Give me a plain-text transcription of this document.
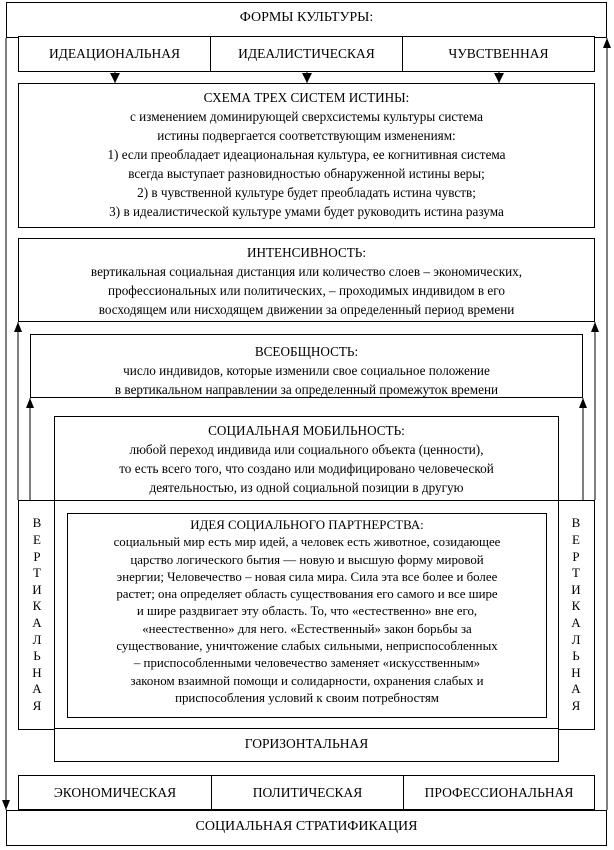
ФОРМЫ КУЛЬТУРЫ:
ИДЕАЦИОНАЛЬНАЯ	ИДЕАЛИСТИЧЕСКАЯ	ЧУВСТВЕННАЯ
СХЕМА ТРЕХ СИСТЕМ ИСТИНЫ:
с изменением доминирующей сверхсистемы культуры система
истины подвергается соответствующим изменениям:
1) если преобладает идеациональная культура, ее когнитивная система
всегда выступает разновидностью обнаруженной истины веры;
2) в чувственной культуре будет преобладать истина чувств;
3) в идеалистической культуре умами будет руководить истина разума
ИНТЕНСИВНОСТЬ:
вертикальная социальная дистанция или количество слоев – экономических,
профессиональных или политических, – проходимых индивидом в его
восходящем или нисходящем движении за определенный период времени
ВСЕОБЩНОСТЬ:
число индивидов, которые изменили свое социальное положение
в вертикальном направлении за определенный промежуток времени
СОЦИАЛЬНАЯ МОБИЛЬНОСТЬ:
любой переход индивида или социального объекта (ценности),
то есть всего того, что создано или модифицировано человеческой
деятельностью, из одной социальной позиции в другую
В
Е
Р
Т
И
К
А
Л
Ь
Н
А
Я
В
Е
Р
Т
И
К
А
Л
Ь
Н
А
Я
ИДЕЯ СОЦИАЛЬНОГО ПАРТНЕРСТВА:
социальный мир есть мир идей, а человек есть животное, созидающее
царство логического бытия — новую и высшую форму мировой
энергии; Человечество – новая сила мира. Сила эта все более и более
растет; она определяет область существования его самого и все шире
и шире раздвигает эту область. То, что «естественно» вне его,
«неестественно» для него. «Естественный» закон борьбы за
существование, уничтожение слабых сильными, неприспособленных
– приспособленными человечество заменяет «искусственным»
законом взаимной помощи и солидарности, охранения слабых и
приспособления условий к своим потребностям
ГОРИЗОНТАЛЬНАЯ
ЭКОНОМИЧЕСКАЯ	ПОЛИТИЧЕСКАЯ	ПРОФЕССИОНАЛЬНАЯ
СОЦИАЛЬНАЯ СТРАТИФИКАЦИЯ
